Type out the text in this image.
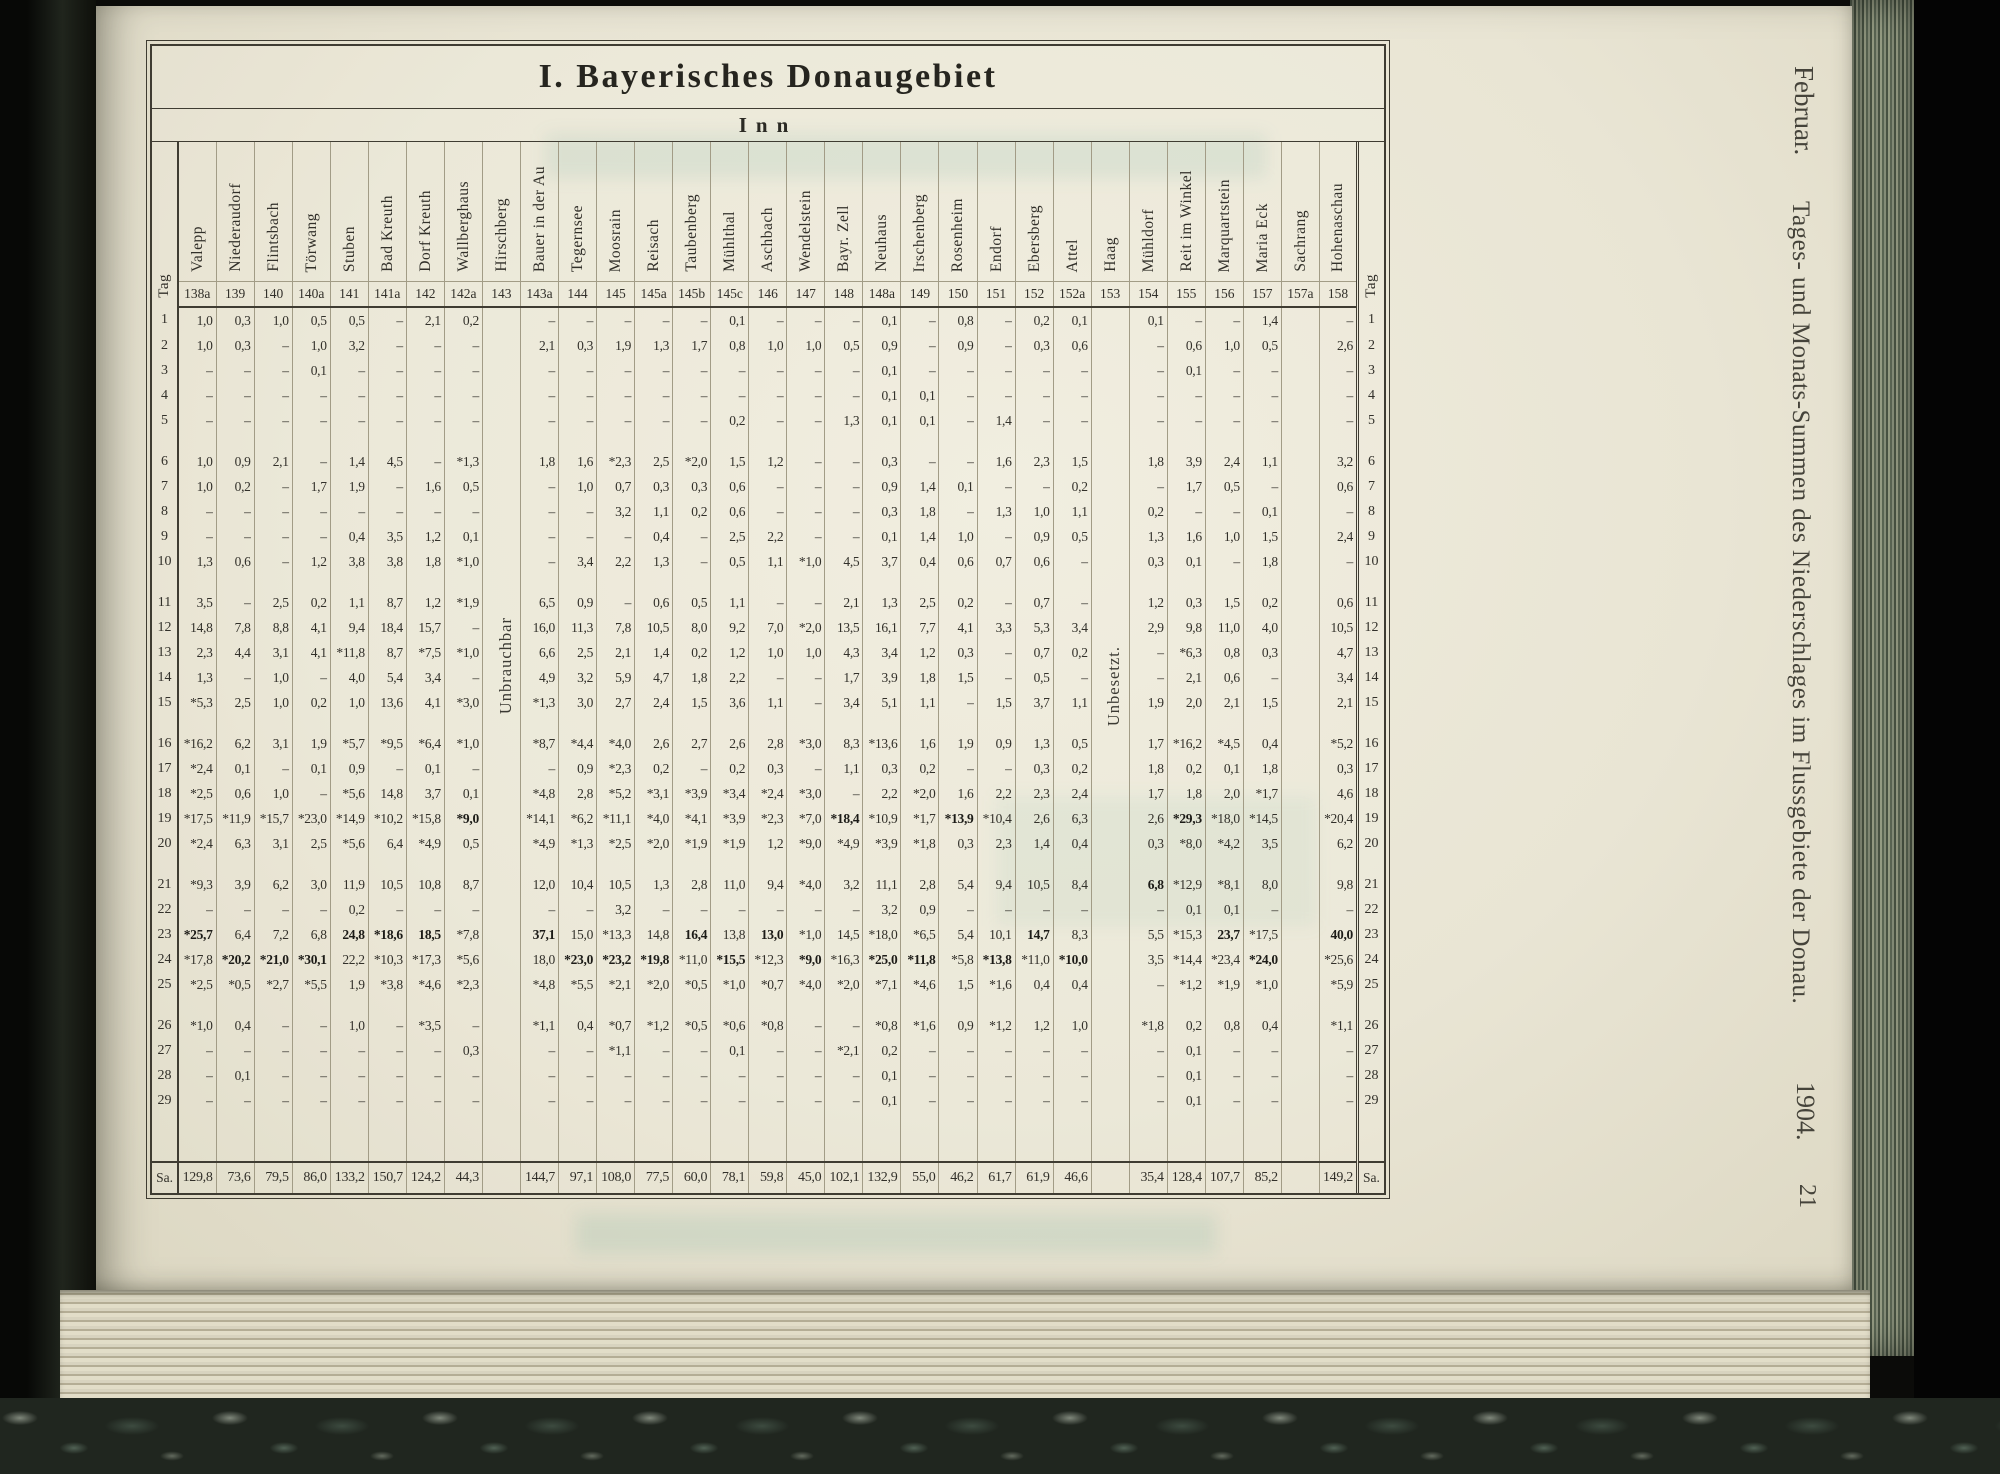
I. Bayerisches Donaugebiet
Inn
Tag	Valepp	Niederaudorf	Flintsbach	Törwang	Stuben	Bad Kreuth	Dorf Kreuth	Wallberghaus	Hirschberg	Bauer in der Au	Tegernsee	Moosrain	Reisach	Taubenberg	Mühlthal	Aschbach	Wendelstein	Bayr. Zell	Neuhaus	Irschenberg	Rosenheim	Endorf	Ebersberg	Attel	Haag	Mühldorf	Reit im Winkel	Marquartstein	Maria Eck	Sachrang	Hohenaschau	Tag
	138a	139	140	140a	141	141a	142	142a	143	143a	144	145	145a	145b	145c	146	147	148	148a	149	150	151	152	152a	153	154	155	156	157	157a	158	
1	1,0	0,3	1,0	0,5	0,5	–	2,1	0,2		–	–	–	–	–	0,1	–	–	–	0,1	–	0,8	–	0,2	0,1		0,1	–	–	1,4		–	1
2	1,0	0,3	–	1,0	3,2	–	–	–		2,1	0,3	1,9	1,3	1,7	0,8	1,0	1,0	0,5	0,9	–	0,9	–	0,3	0,6		–	0,6	1,0	0,5		2,6	2
3	–	–	–	0,1	–	–	–	–		–	–	–	–	–	–	–	–	–	0,1	–	–	–	–	–		–	0,1	–	–		–	3
4	–	–	–	–	–	–	–	–		–	–	–	–	–	–	–	–	–	0,1	0,1	–	–	–	–		–	–	–	–		–	4
5	–	–	–	–	–	–	–	–		–	–	–	–	–	0,2	–	–	1,3	0,1	0,1	–	1,4	–	–		–	–	–	–		–	5

6	1,0	0,9	2,1	–	1,4	4,5	–	*1,3		1,8	1,6	*2,3	2,5	*2,0	1,5	1,2	–	–	0,3	–	–	1,6	2,3	1,5		1,8	3,9	2,4	1,1		3,2	6
7	1,0	0,2	–	1,7	1,9	–	1,6	0,5		–	1,0	0,7	0,3	0,3	0,6	–	–	–	0,9	1,4	0,1	–	–	0,2		–	1,7	0,5	–		0,6	7
8	–	–	–	–	–	–	–	–		–	–	3,2	1,1	0,2	0,6	–	–	–	0,3	1,8	–	1,3	1,0	1,1		0,2	–	–	0,1		–	8
9	–	–	–	–	0,4	3,5	1,2	0,1		–	–	–	0,4	–	2,5	2,2	–	–	0,1	1,4	1,0	–	0,9	0,5		1,3	1,6	1,0	1,5		2,4	9
10	1,3	0,6	–	1,2	3,8	3,8	1,8	*1,0		–	3,4	2,2	1,3	–	0,5	1,1	*1,0	4,5	3,7	0,4	0,6	0,7	0,6	–		0,3	0,1	–	1,8		–	10

11	3,5	–	2,5	0,2	1,1	8,7	1,2	*1,9		6,5	0,9	–	0,6	0,5	1,1	–	–	2,1	1,3	2,5	0,2	–	0,7	–		1,2	0,3	1,5	0,2		0,6	11
12	14,8	7,8	8,8	4,1	9,4	18,4	15,7	–		16,0	11,3	7,8	10,5	8,0	9,2	7,0	*2,0	13,5	16,1	7,7	4,1	3,3	5,3	3,4		2,9	9,8	11,0	4,0		10,5	12
13	2,3	4,4	3,1	4,1	*11,8	8,7	*7,5	*1,0		6,6	2,5	2,1	1,4	0,2	1,2	1,0	1,0	4,3	3,4	1,2	0,3	–	0,7	0,2		–	*6,3	0,8	0,3		4,7	13
14	1,3	–	1,0	–	4,0	5,4	3,4	–		4,9	3,2	5,9	4,7	1,8	2,2	–	–	1,7	3,9	1,8	1,5	–	0,5	–		–	2,1	0,6	–		3,4	14
15	*5,3	2,5	1,0	0,2	1,0	13,6	4,1	*3,0		*1,3	3,0	2,7	2,4	1,5	3,6	1,1	–	3,4	5,1	1,1	–	1,5	3,7	1,1		1,9	2,0	2,1	1,5		2,1	15

16	*16,2	6,2	3,1	1,9	*5,7	*9,5	*6,4	*1,0		*8,7	*4,4	*4,0	2,6	2,7	2,6	2,8	*3,0	8,3	*13,6	1,6	1,9	0,9	1,3	0,5		1,7	*16,2	*4,5	0,4		*5,2	16
17	*2,4	0,1	–	0,1	0,9	–	0,1	–		–	0,9	*2,3	0,2	–	0,2	0,3	–	1,1	0,3	0,2	–	–	0,3	0,2		1,8	0,2	0,1	1,8		0,3	17
18	*2,5	0,6	1,0	–	*5,6	14,8	3,7	0,1		*4,8	2,8	*5,2	*3,1	*3,9	*3,4	*2,4	*3,0	–	2,2	*2,0	1,6	2,2	2,3	2,4		1,7	1,8	2,0	*1,7		4,6	18
19	*17,5	*11,9	*15,7	*23,0	*14,9	*10,2	*15,8	*9,0		*14,1	*6,2	*11,1	*4,0	*4,1	*3,9	*2,3	*7,0	*18,4	*10,9	*1,7	*13,9	*10,4	2,6	6,3		2,6	*29,3	*18,0	*14,5		*20,4	19
20	*2,4	6,3	3,1	2,5	*5,6	6,4	*4,9	0,5		*4,9	*1,3	*2,5	*2,0	*1,9	*1,9	1,2	*9,0	*4,9	*3,9	*1,8	0,3	2,3	1,4	0,4		0,3	*8,0	*4,2	3,5		6,2	20

21	*9,3	3,9	6,2	3,0	11,9	10,5	10,8	8,7		12,0	10,4	10,5	1,3	2,8	11,0	9,4	*4,0	3,2	11,1	2,8	5,4	9,4	10,5	8,4		6,8	*12,9	*8,1	8,0		9,8	21
22	–	–	–	–	0,2	–	–	–		–	–	3,2	–	–	–	–	–	–	3,2	0,9	–	–	–	–		–	0,1	0,1	–		–	22
23	*25,7	6,4	7,2	6,8	24,8	*18,6	18,5	*7,8		37,1	15,0	*13,3	14,8	16,4	13,8	13,0	*1,0	14,5	*18,0	*6,5	5,4	10,1	14,7	8,3		5,5	*15,3	23,7	*17,5		40,0	23
24	*17,8	*20,2	*21,0	*30,1	22,2	*10,3	*17,3	*5,6		18,0	*23,0	*23,2	*19,8	*11,0	*15,5	*12,3	*9,0	*16,3	*25,0	*11,8	*5,8	*13,8	*11,0	*10,0		3,5	*14,4	*23,4	*24,0		*25,6	24
25	*2,5	*0,5	*2,7	*5,5	1,9	*3,8	*4,6	*2,3		*4,8	*5,5	*2,1	*2,0	*0,5	*1,0	*0,7	*4,0	*2,0	*7,1	*4,6	1,5	*1,6	0,4	0,4		–	*1,2	*1,9	*1,0		*5,9	25

26	*1,0	0,4	–	–	1,0	–	*3,5	–		*1,1	0,4	*0,7	*1,2	*0,5	*0,6	*0,8	–	–	*0,8	*1,6	0,9	*1,2	1,2	1,0		*1,8	0,2	0,8	0,4		*1,1	26
27	–	–	–	–	–	–	–	0,3		–	–	*1,1	–	–	0,1	–	–	*2,1	0,2	–	–	–	–	–		–	0,1	–	–		–	27
28	–	0,1	–	–	–	–	–	–		–	–	–	–	–	–	–	–	–	0,1	–	–	–	–	–		–	0,1	–	–		–	28
29	–	–	–	–	–	–	–	–		–	–	–	–	–	–	–	–	–	0,1	–	–	–	–	–		–	0,1	–	–		–	29

Sa.	129,8	73,6	79,5	86,0	133,2	150,7	124,2	44,3		144,7	97,1	108,0	77,5	60,0	78,1	59,8	45,0	102,1	132,9	55,0	46,2	61,7	61,9	46,6		35,4	128,4	107,7	85,2		149,2	Sa.
Unbrauchbar	Unbesetzt.
Februar.
Tages- und Monats-Summen des Niederschlages im Flussgebiete der Donau.
1904.
21
